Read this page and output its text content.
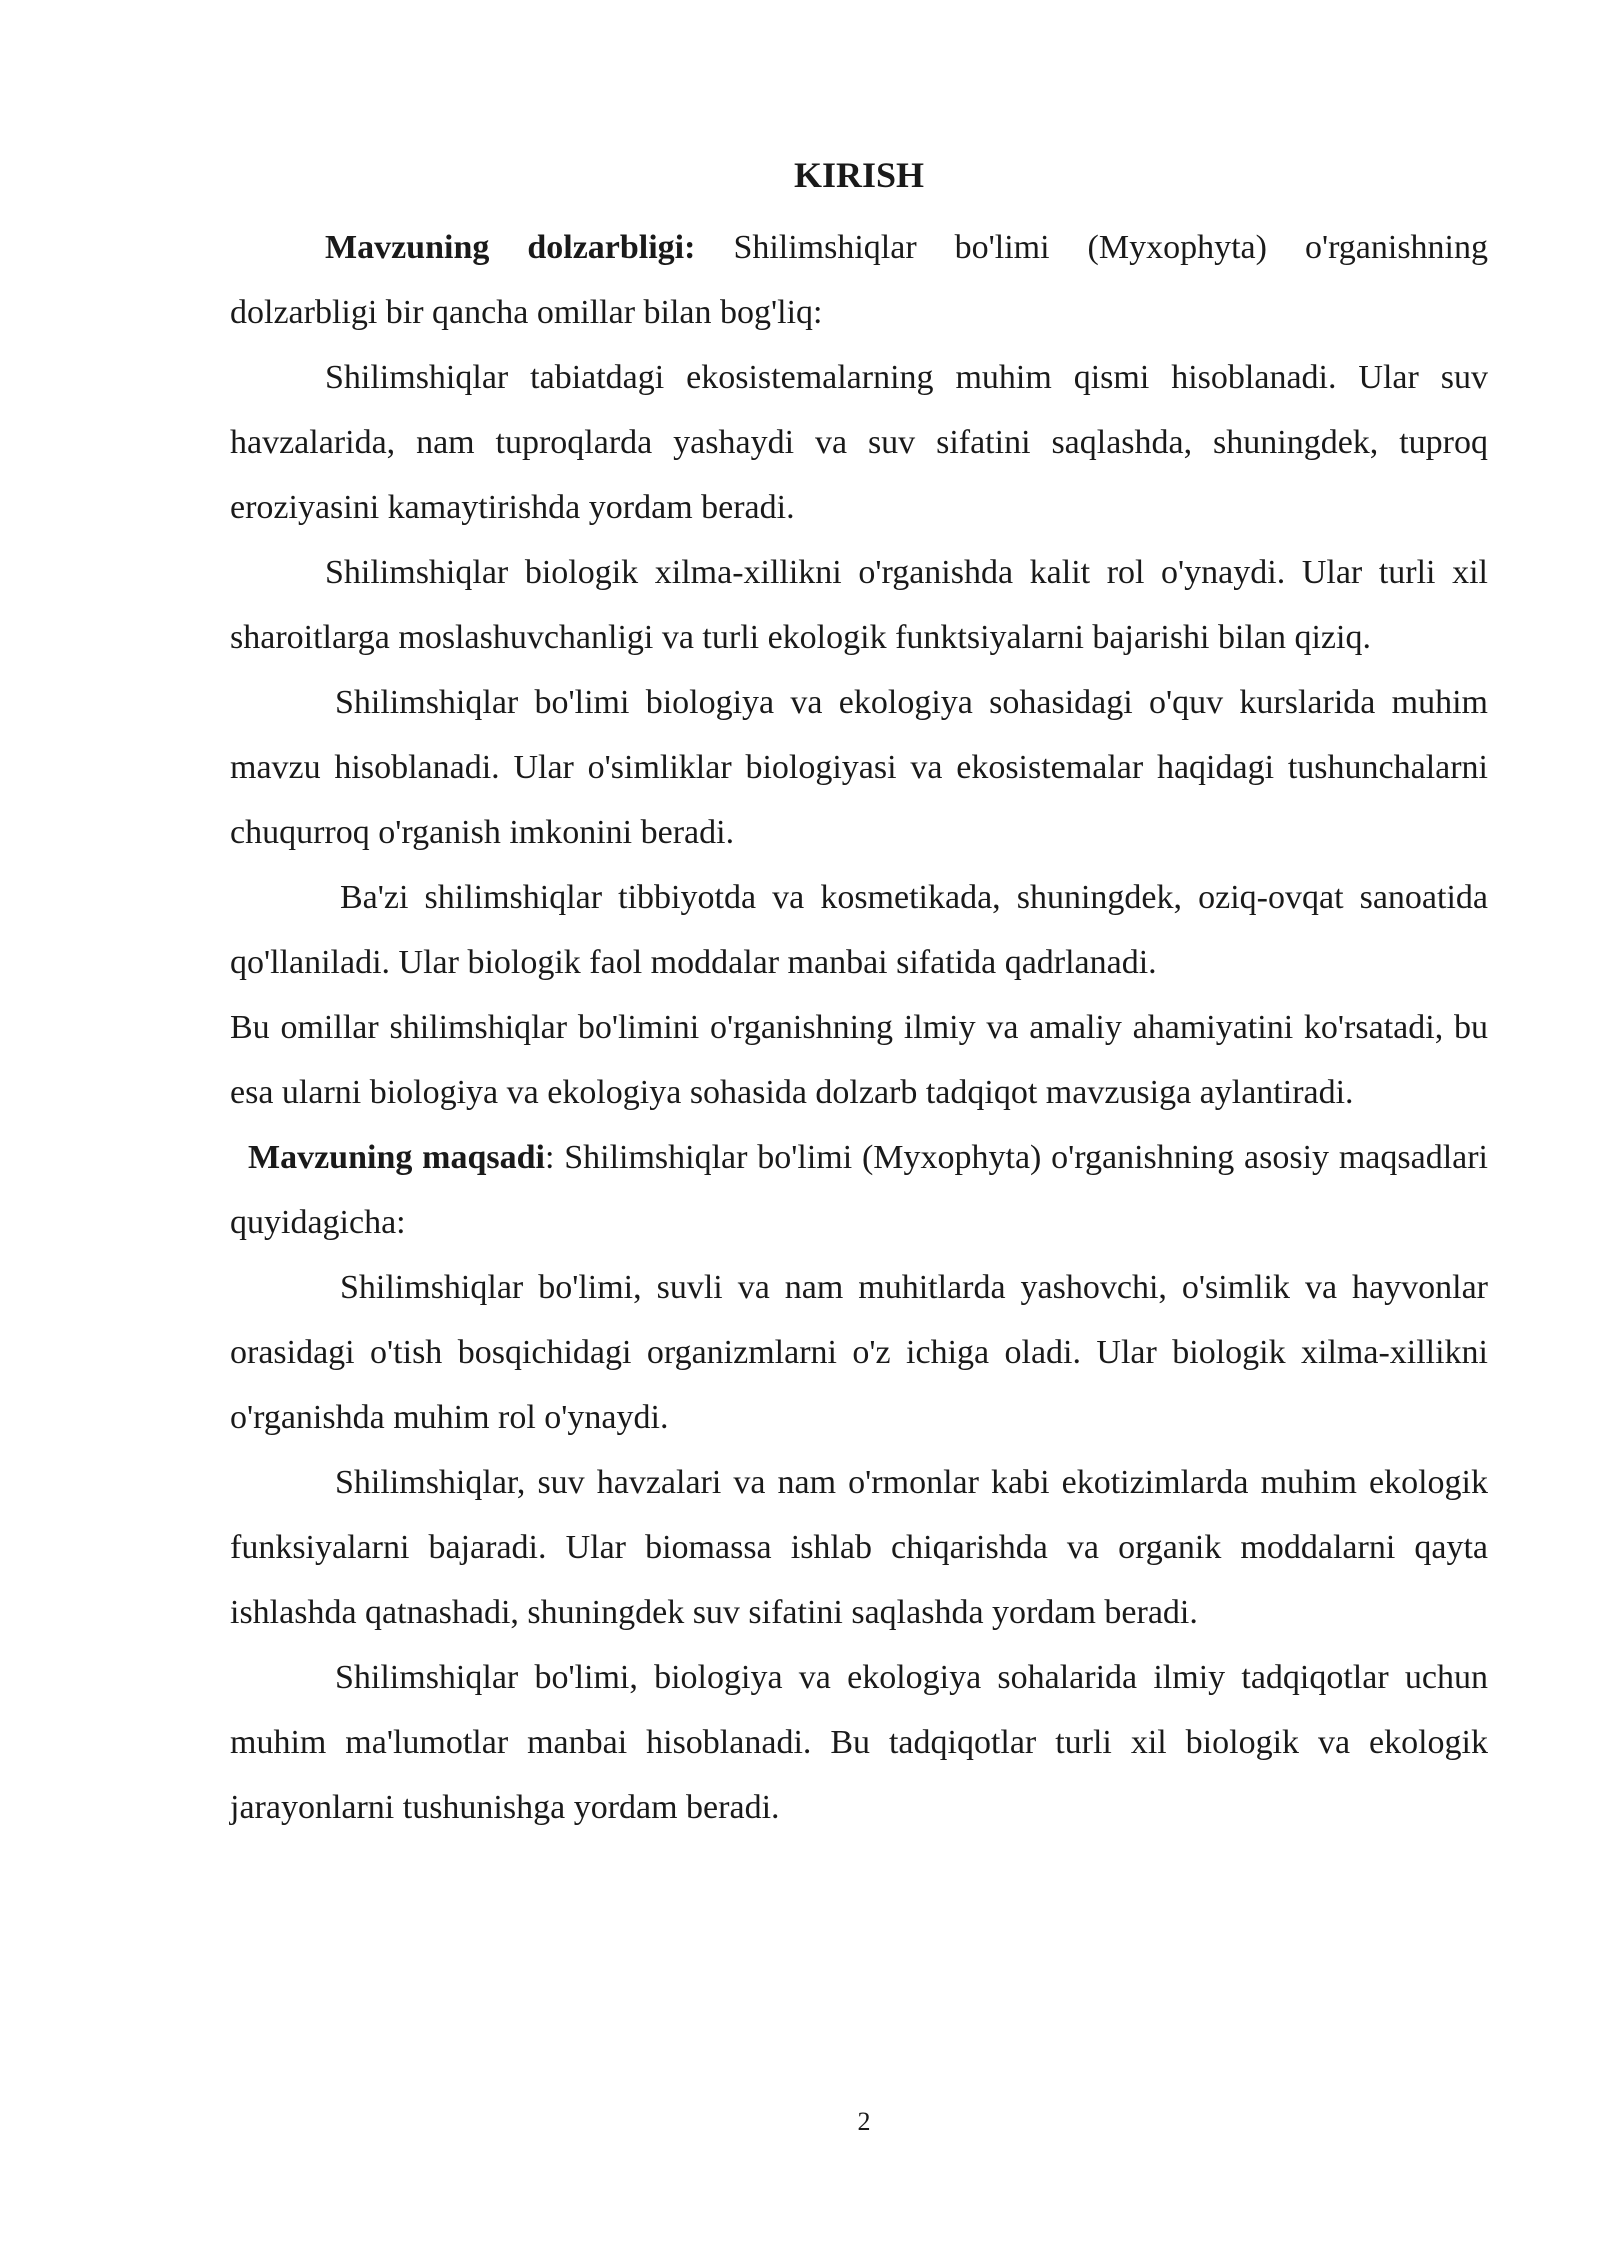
KIRISH

Mavzuning dolzarbligi: Shilimshiqlar bo'limi (Myxophyta) o'rganishning dolzarbligi bir qancha omillar bilan bog'liq:

Shilimshiqlar tabiatdagi ekosistemalarning muhim qismi hisoblanadi. Ular suv havzalarida, nam tuproqlarda yashaydi va suv sifatini saqlashda, shuningdek, tuproq eroziyasini kamaytirishda yordam beradi.

Shilimshiqlar biologik xilma-xillikni o'rganishda kalit rol o'ynaydi. Ular turli xil sharoitlarga moslashuvchanligi va turli ekologik funktsiyalarni bajarishi bilan qiziq.

Shilimshiqlar bo'limi biologiya va ekologiya sohasidagi o'quv kurslarida muhim mavzu hisoblanadi. Ular o'simliklar biologiyasi va ekosistemalar haqidagi tushunchalarni chuqurroq o'rganish imkonini beradi.

Ba'zi shilimshiqlar tibbiyotda va kosmetikada, shuningdek, oziq-ovqat sanoatida qo'llaniladi. Ular biologik faol moddalar manbai sifatida qadrlanadi.

Bu omillar shilimshiqlar bo'limini o'rganishning ilmiy va amaliy ahamiyatini ko'rsatadi, bu esa ularni biologiya va ekologiya sohasida dolzarb tadqiqot mavzusiga aylantiradi.

Mavzuning maqsadi: Shilimshiqlar bo'limi (Myxophyta) o'rganishning asosiy maqsadlari quyidagicha:

Shilimshiqlar bo'limi, suvli va nam muhitlarda yashovchi, o'simlik va hayvonlar orasidagi o'tish bosqichidagi organizmlarni o'z ichiga oladi. Ular biologik xilma-xillikni o'rganishda muhim rol o'ynaydi.

Shilimshiqlar, suv havzalari va nam o'rmonlar kabi ekotizimlarda muhim ekologik funksiyalarni bajaradi. Ular biomassa ishlab chiqarishda va organik moddalarni qayta ishlashda qatnashadi, shuningdek suv sifatini saqlashda yordam beradi.

Shilimshiqlar bo'limi, biologiya va ekologiya sohalarida ilmiy tadqiqotlar uchun muhim ma'lumotlar manbai hisoblanadi. Bu tadqiqotlar turli xil biologik va ekologik jarayonlarni tushunishga yordam beradi.

2
